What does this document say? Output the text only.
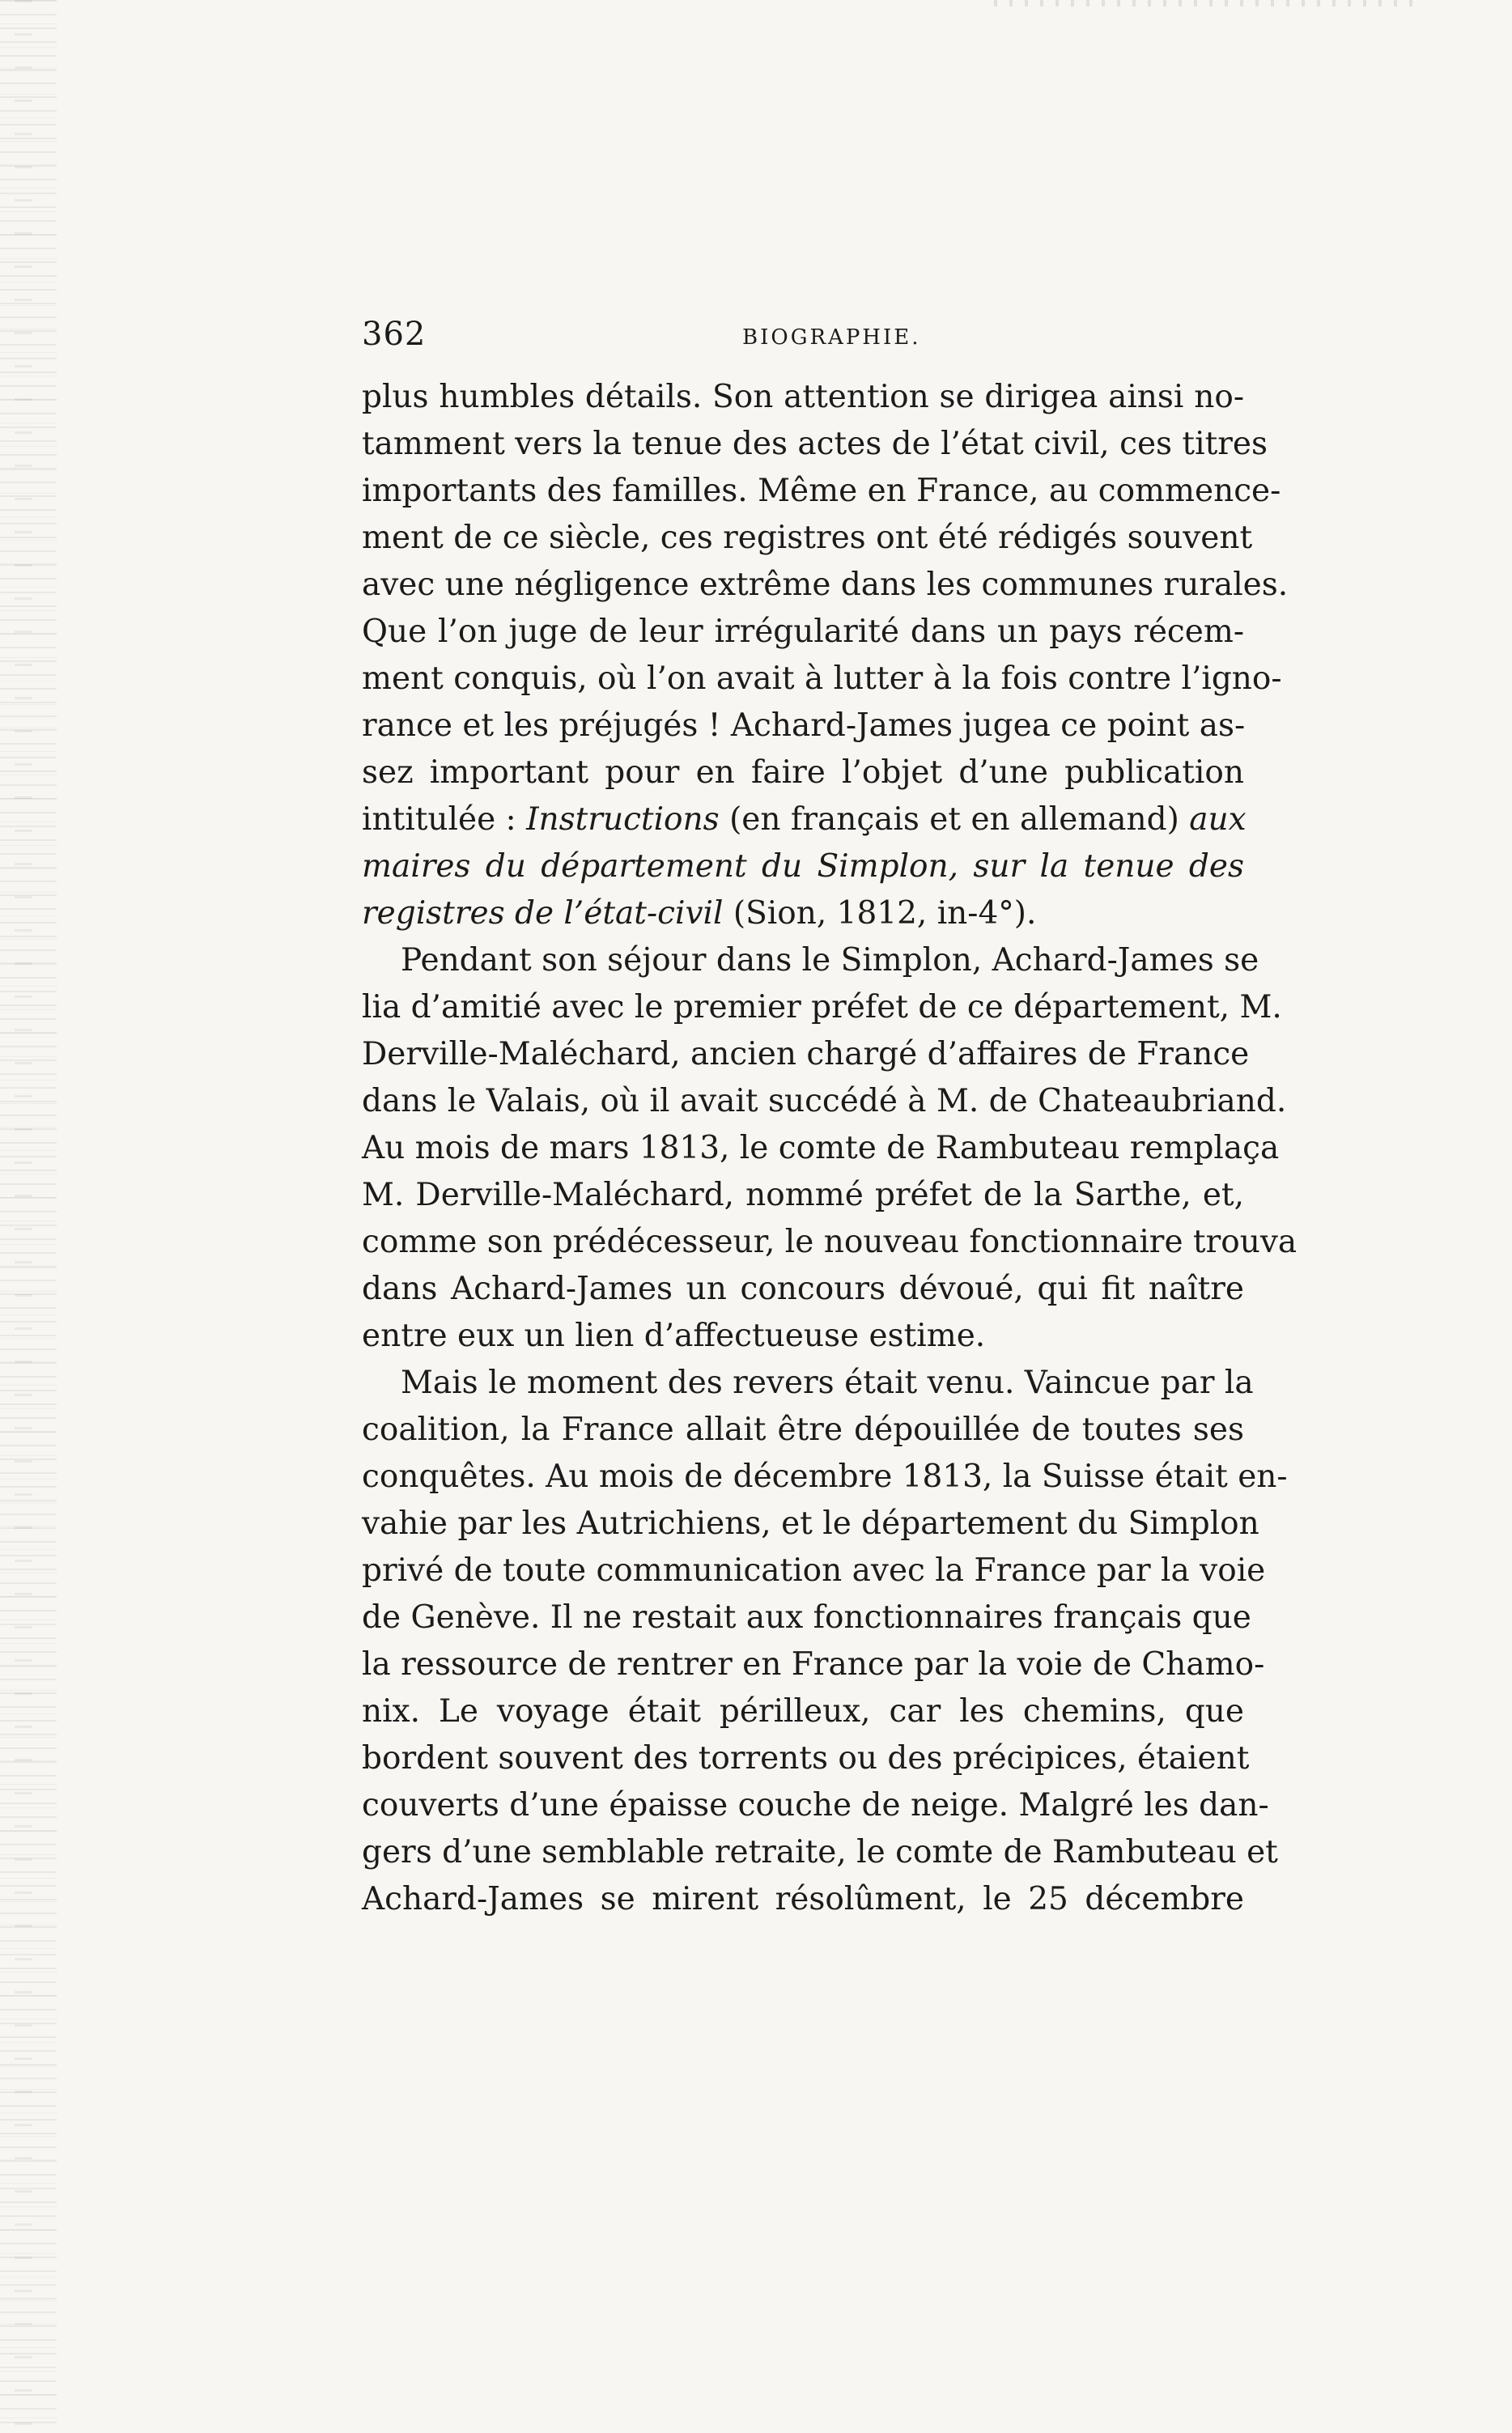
362	BIOGRAPHIE.
plus humbles détails. Son attention se dirigea ainsi no-
tamment vers la tenue des actes de l’état civil, ces titres
importants des familles. Même en France, au commence-
ment de ce siècle, ces registres ont été rédigés souvent
avec une négligence extrême dans les communes rurales.
Que l’on juge de leur irrégularité dans un pays récem-
ment conquis, où l’on avait à lutter à la fois contre l’igno-
rance et les préjugés ! Achard-James jugea ce point as-
sez important pour en faire l’objet d’une publication
intitulée : Instructions (en français et en allemand) aux
maires du département du Simplon, sur la tenue des
registres de l’état-civil (Sion, 1812, in-4°).
Pendant son séjour dans le Simplon, Achard-James se
lia d’amitié avec le premier préfet de ce département, M.
Derville-Maléchard, ancien chargé d’affaires de France
dans le Valais, où il avait succédé à M. de Chateaubriand.
Au mois de mars 1813, le comte de Rambuteau remplaça
M. Derville-Maléchard, nommé préfet de la Sarthe, et,
comme son prédécesseur, le nouveau fonctionnaire trouva
dans Achard-James un concours dévoué, qui fit naître
entre eux un lien d’affectueuse estime.
Mais le moment des revers était venu. Vaincue par la
coalition, la France allait être dépouillée de toutes ses
conquêtes. Au mois de décembre 1813, la Suisse était en-
vahie par les Autrichiens, et le département du Simplon
privé de toute communication avec la France par la voie
de Genève. Il ne restait aux fonctionnaires français que
la ressource de rentrer en France par la voie de Chamo-
nix. Le voyage était périlleux, car les chemins, que
bordent souvent des torrents ou des précipices, étaient
couverts d’une épaisse couche de neige. Malgré les dan-
gers d’une semblable retraite, le comte de Rambuteau et
Achard-James se mirent résolûment, le 25 décembre
